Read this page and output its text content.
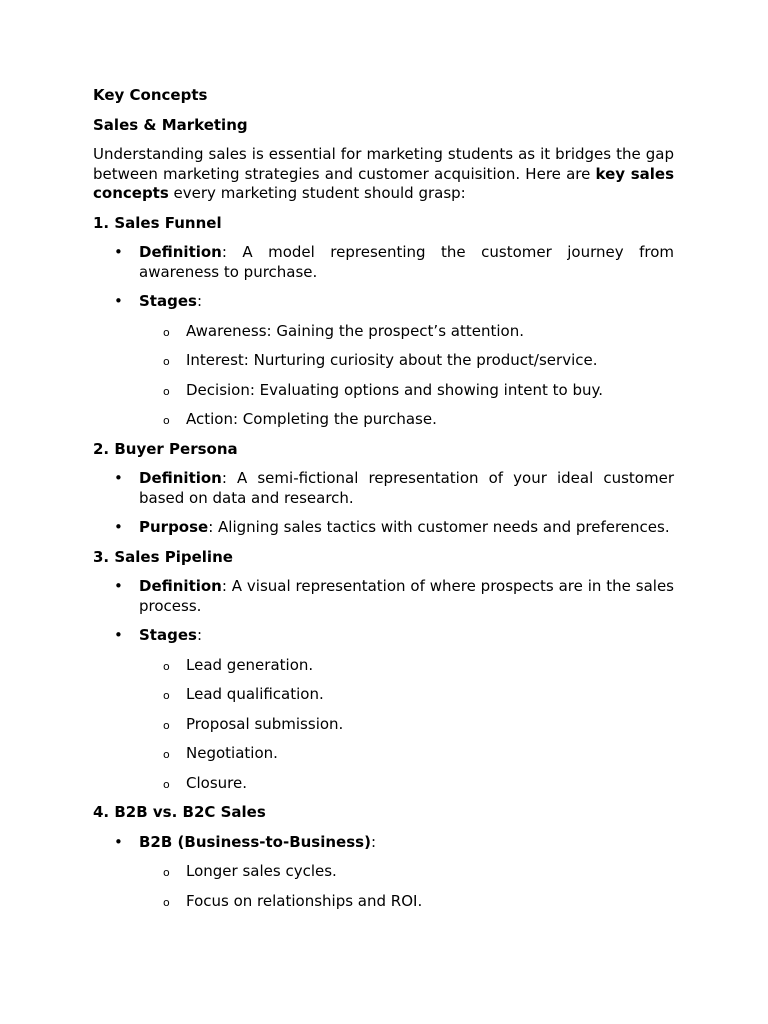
Key Concepts

Sales & Marketing

Understanding sales is essential for marketing students as it bridges the gap between marketing strategies and customer acquisition. Here are key sales concepts every marketing student should grasp:

1. Sales Funnel

• Definition: A model representing the customer journey from awareness to purchase.
• Stages:
o Awareness: Gaining the prospect’s attention.
o Interest: Nurturing curiosity about the product/service.
o Decision: Evaluating options and showing intent to buy.
o Action: Completing the purchase.

2. Buyer Persona

• Definition: A semi-fictional representation of your ideal customer based on data and research.
• Purpose: Aligning sales tactics with customer needs and preferences.

3. Sales Pipeline

• Definition: A visual representation of where prospects are in the sales process.
• Stages:
o Lead generation.
o Lead qualification.
o Proposal submission.
o Negotiation.
o Closure.

4. B2B vs. B2C Sales

• B2B (Business-to-Business):
o Longer sales cycles.
o Focus on relationships and ROI.
